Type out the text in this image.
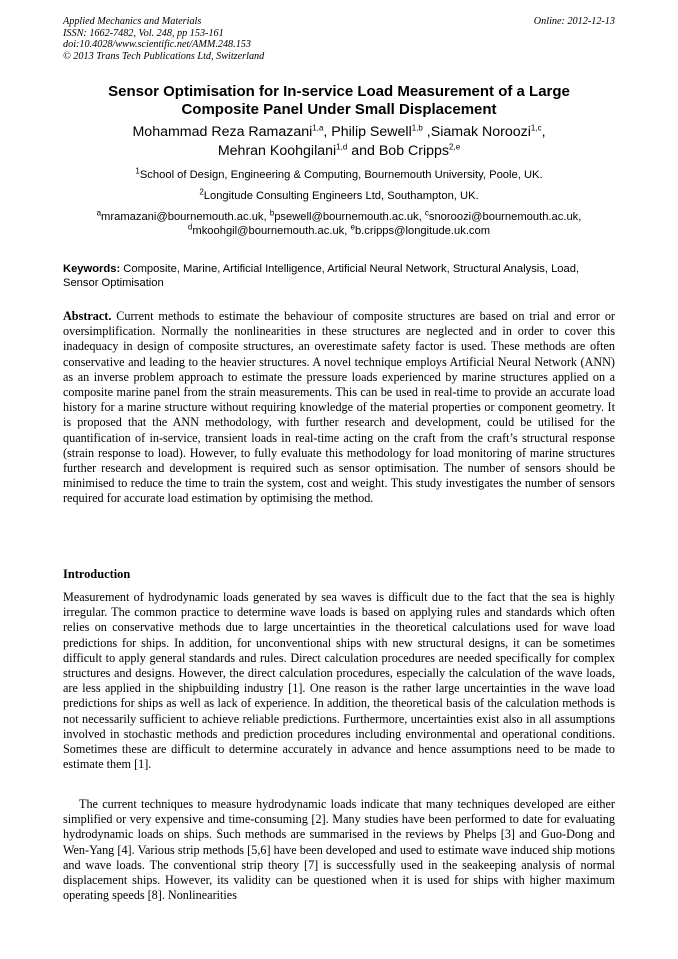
Applied Mechanics and Materials
ISSN: 1662-7482, Vol. 248, pp 153-161
doi:10.4028/www.scientific.net/AMM.248.153
© 2013 Trans Tech Publications Ltd, Switzerland
Online: 2012-12-13
Sensor Optimisation for In-service Load Measurement of a Large
Composite Panel Under Small Displacement
Mohammad Reza Ramazani$^{1,a}$, Philip Sewell$^{1,b}$ ,Siamak Noroozi$^{1,c}$,
Mehran Koohgilani$^{1,d}$ and Bob Cripps$^{2,e}$
$^1$School of Design, Engineering & Computing, Bournemouth University, Poole, UK.
$^2$Longitude Consulting Engineers Ltd, Southampton, UK.
$^a$mramazani@bournemouth.ac.uk, $^b$psewell@bournemouth.ac.uk, $^c$snoroozi@bournemouth.ac.uk,
$^d$mkoohgil@bournemouth.ac.uk, $^e$b.cripps@longitude.uk.com
Keywords: Composite, Marine, Artificial Intelligence, Artificial Neural Network, Structural Analysis, Load, Sensor Optimisation
Abstract. Current methods to estimate the behaviour of composite structures are based on trial and error or oversimplification. Normally the nonlinearities in these structures are neglected and in order to cover this inadequacy in design of composite structures, an overestimate safety factor is used. These methods are often conservative and leading to the heavier structures. A novel technique employs Artificial Neural Network (ANN) as an inverse problem approach to estimate the pressure loads experienced by marine structures applied on a composite marine panel from the strain measurements. This can be used in real-time to provide an accurate load history for a marine structure without requiring knowledge of the material properties or component geometry. It is proposed that the ANN methodology, with further research and development, could be utilised for the quantification of in-service, transient loads in real-time acting on the craft from the craft’s structural response (strain response to load). However, to fully evaluate this methodology for load monitoring of marine structures further research and development is required such as sensor optimisation. The number of sensors should be minimised to reduce the time to train the system, cost and weight. This study investigates the number of sensors required for accurate load estimation by optimising the method.
Introduction
Measurement of hydrodynamic loads generated by sea waves is difficult due to the fact that the sea is highly irregular. The common practice to determine wave loads is based on applying rules and standards which often relies on conservative methods due to large uncertainties in the theoretical calculations used for wave load predictions for ships. In addition, for unconventional ships with new structural designs, it can be sometimes difficult to apply general standards and rules. Direct calculation procedures are needed specifically for complex structures and designs. However, the direct calculation procedures, especially the calculation of the wave loads, are less applied in the shipbuilding industry [1]. One reason is the rather large uncertainties in the wave load predictions for ships as well as lack of experience. In addition, the theoretical basis of the calculation methods is not necessarily sufficient to achieve reliable predictions. Furthermore, uncertainties exist also in all assumptions involved in stochastic methods and prediction procedures including environmental and operational conditions. Sometimes these are difficult to determine accurately in advance and hence assumptions need to be made to estimate them [1].
The current techniques to measure hydrodynamic loads indicate that many techniques developed are either simplified or very expensive and time-consuming [2]. Many studies have been performed to date for evaluating hydrodynamic loads on ships. Such methods are summarised in the reviews by Phelps [3] and Guo-Dong and Wen-Yang [4]. Various strip methods [5,6] have been developed and used to estimate wave induced ship motions and wave loads. The conventional strip theory [7] is successfully used in the seakeeping analysis of normal displacement ships. However, its validity can be questioned when it is used for ships with higher maximum operating speeds [8]. Nonlinearities
